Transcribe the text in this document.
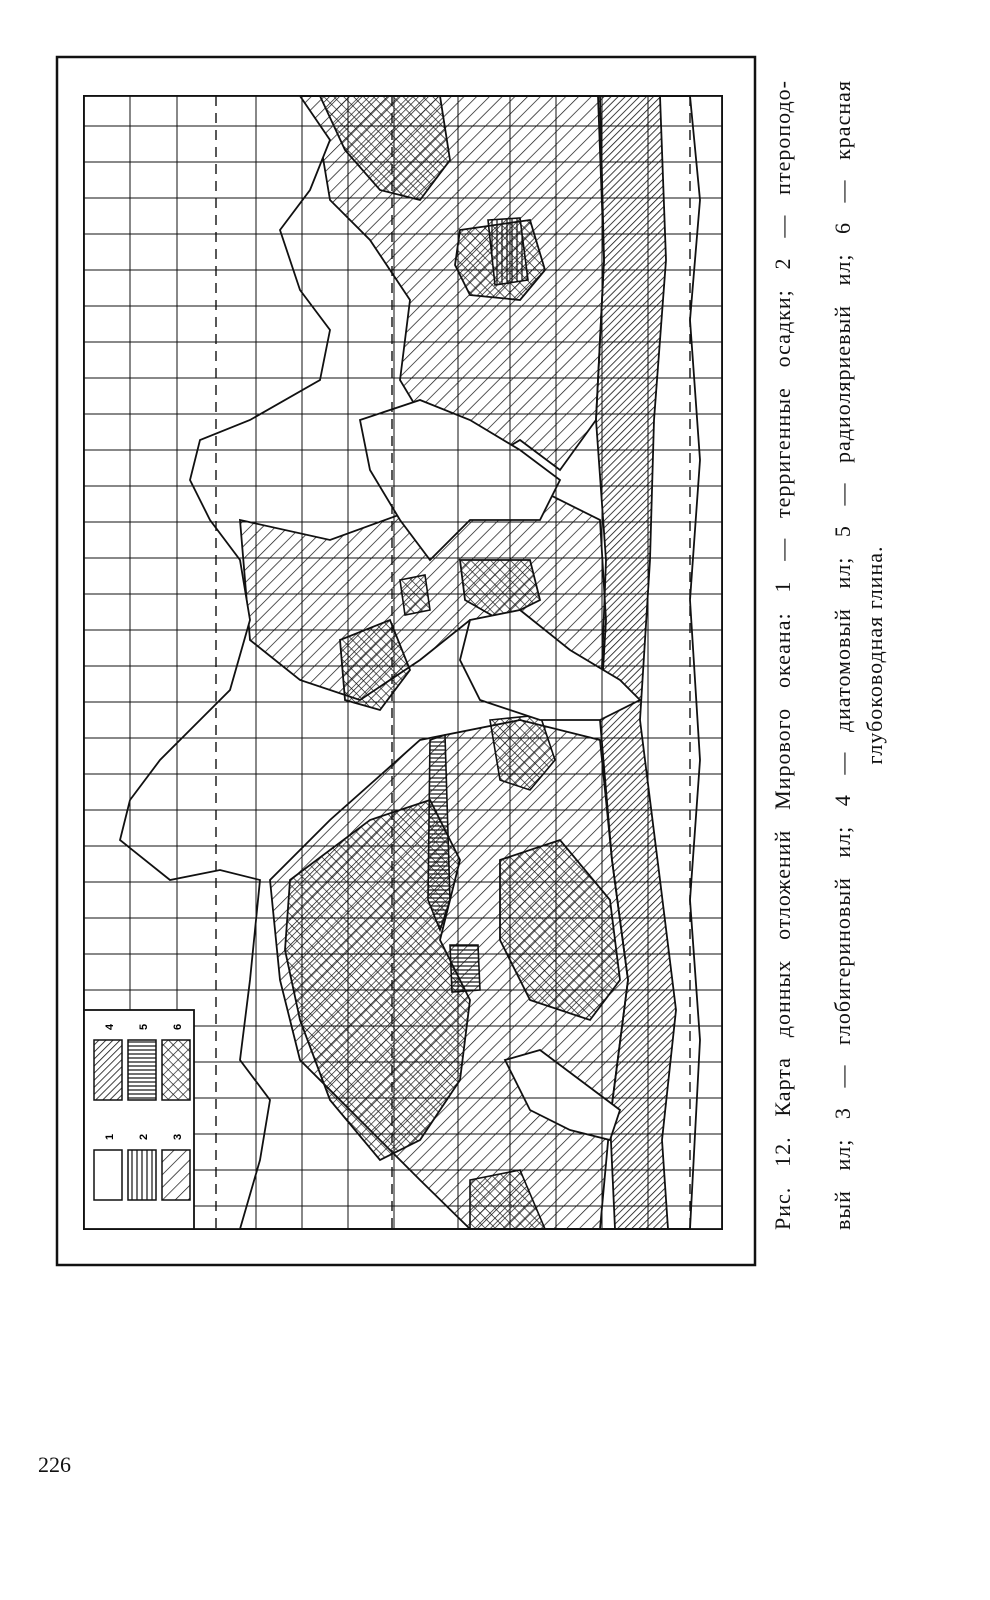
1 2 3
4 5 6	Рис. 12. Карта донных отложений Мирового океана: 1 — терригенные осадки; 2 — птероподо- вый ил; 3 — глобигериновый ил; 4 — диатомовый ил; 5 — радиоляриевый ил; 6 — красная глубоководная глина.
226
